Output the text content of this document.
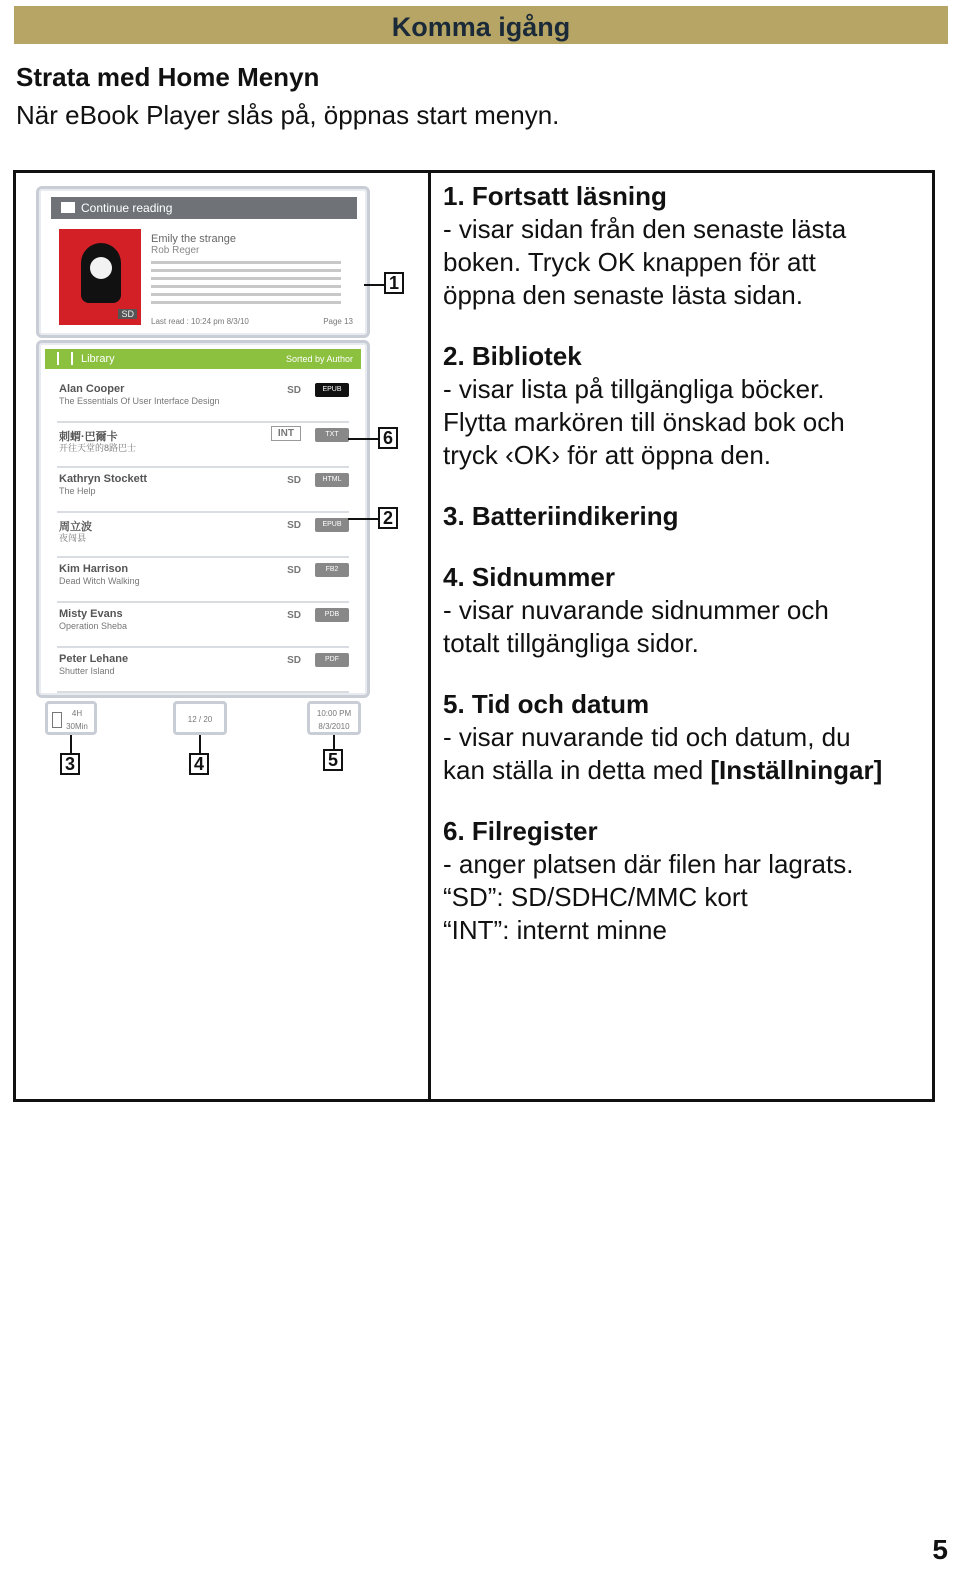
Komma igång
Strata med Home Menyn
När eBook Player slås på, öppnas start menyn.
Continue reading
SD
Emily the strange
Rob Reger
Last read : 10:24 pm 8/3/10	Page 13
Library	Sorted by Author
Alan Cooper
The Essentials Of User Interface Design
SD	EPUB
刺蝟·巴爾卡
开往天堂的8路巴士
INT	TXT
Kathryn Stockett
The Help
SD	HTML
周立波
夜闯县
SD	EPUB
Kim Harrison
Dead Witch Walking
SD	FB2
Misty Evans
Operation Sheba
SD	PDB
Peter Lehane
Shutter Island
SD	PDF
4H
30Min
12 / 20
10:00 PM
8/3/2010
1
6
2
3	4	5
1. Fortsatt läsning

- visar sidan från den senaste lästa
boken. Tryck OK knappen för att
öppna den senaste lästa sidan.

2. Bibliotek

- visar lista på tillgängliga böcker.
Flytta markören till önskad bok och
tryck ‹OK› för att öppna den.

3. Batteriindikering
4. Sidnummer

- visar nuvarande sidnummer och
totalt tillgängliga sidor.

5. Tid och datum

- visar nuvarande tid och datum, du
kan ställa in detta med [Inställningar]

6. Filregister

- anger platsen där filen har lagrats.
“SD”: SD/SDHC/MMC kort
“INT”: internt minne

5
